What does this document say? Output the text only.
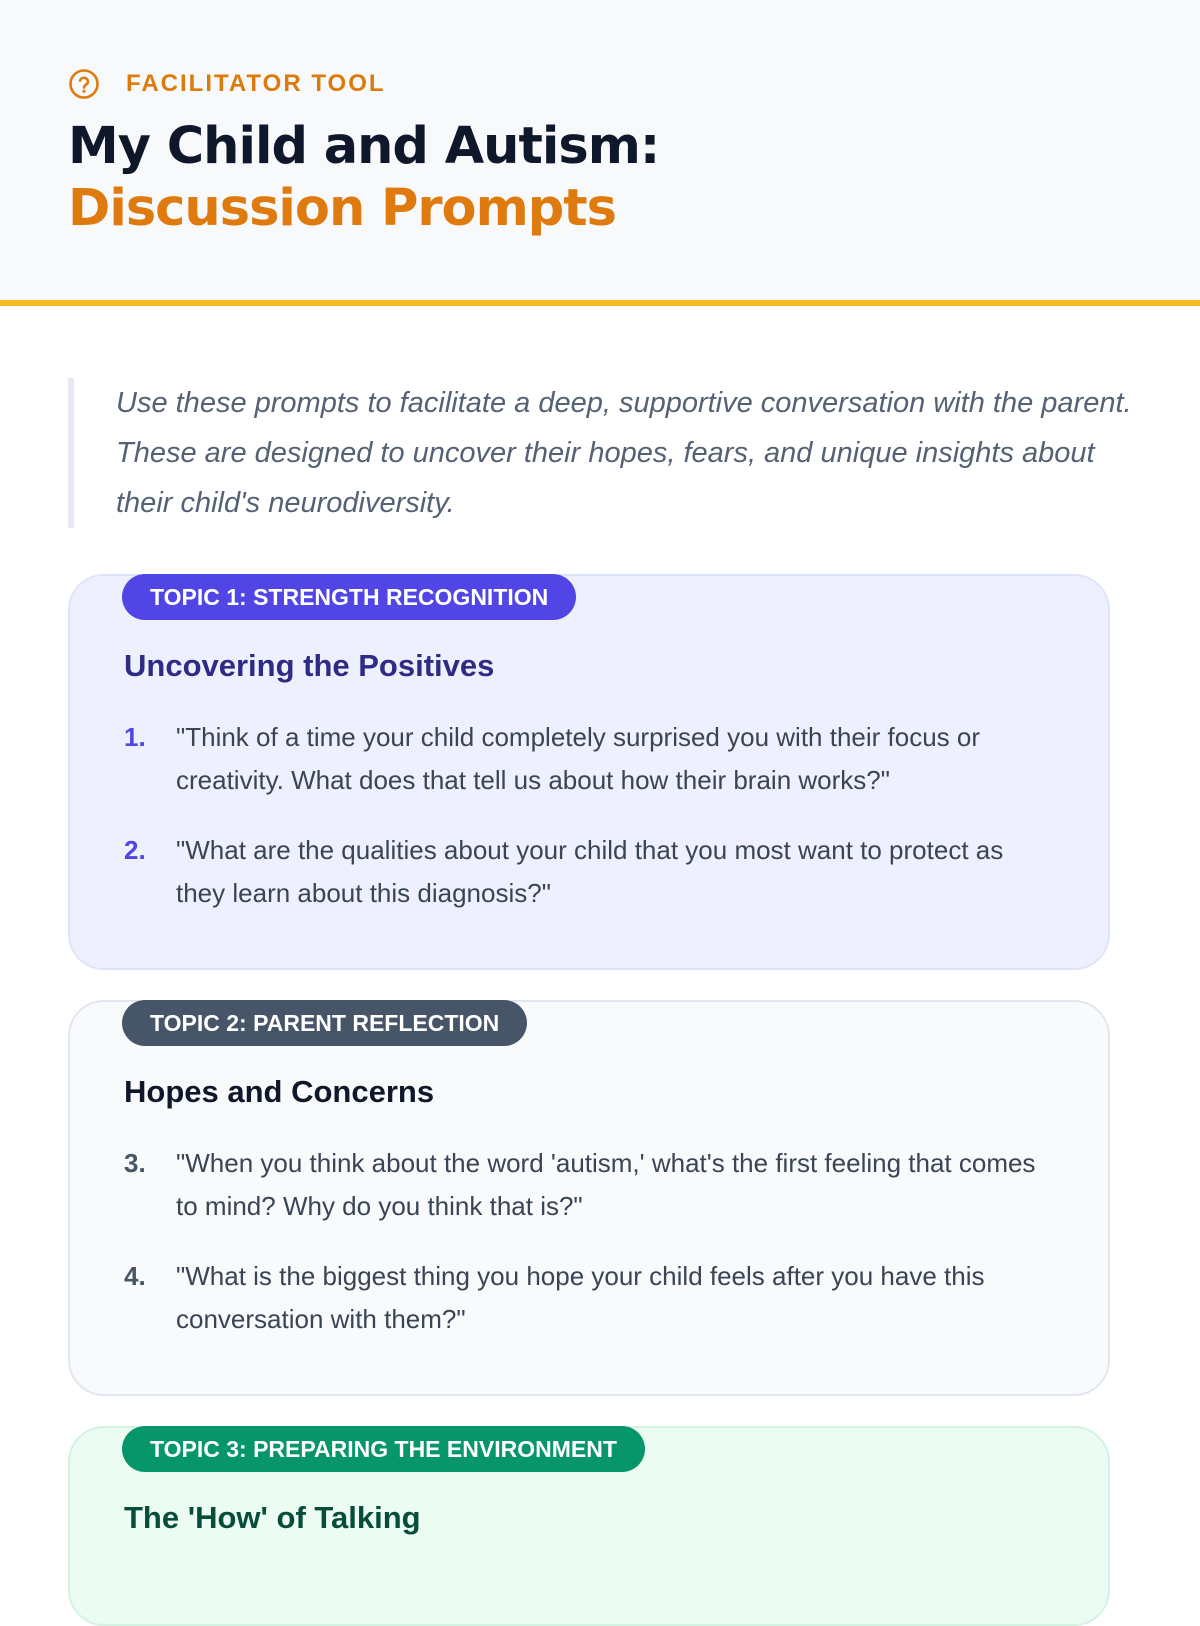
FACILITATOR TOOL
My Child and Autism:
Discussion Prompts
Use these prompts to facilitate a deep, supportive conversation with the parent. These are designed to uncover their hopes, fears, and unique insights about their child's neurodiversity.
TOPIC 1: STRENGTH RECOGNITION
Uncovering the Positives
1.	"Think of a time your child completely surprised you with their focus or creativity. What does that tell us about how their brain works?"
2.	"What are the qualities about your child that you most want to protect as they learn about this diagnosis?"
TOPIC 2: PARENT REFLECTION
Hopes and Concerns
3.	"When you think about the word 'autism,' what's the first feeling that comes to mind? Why do you think that is?"
4.	"What is the biggest thing you hope your child feels after you have this conversation with them?"
TOPIC 3: PREPARING THE ENVIRONMENT
The 'How' of Talking
